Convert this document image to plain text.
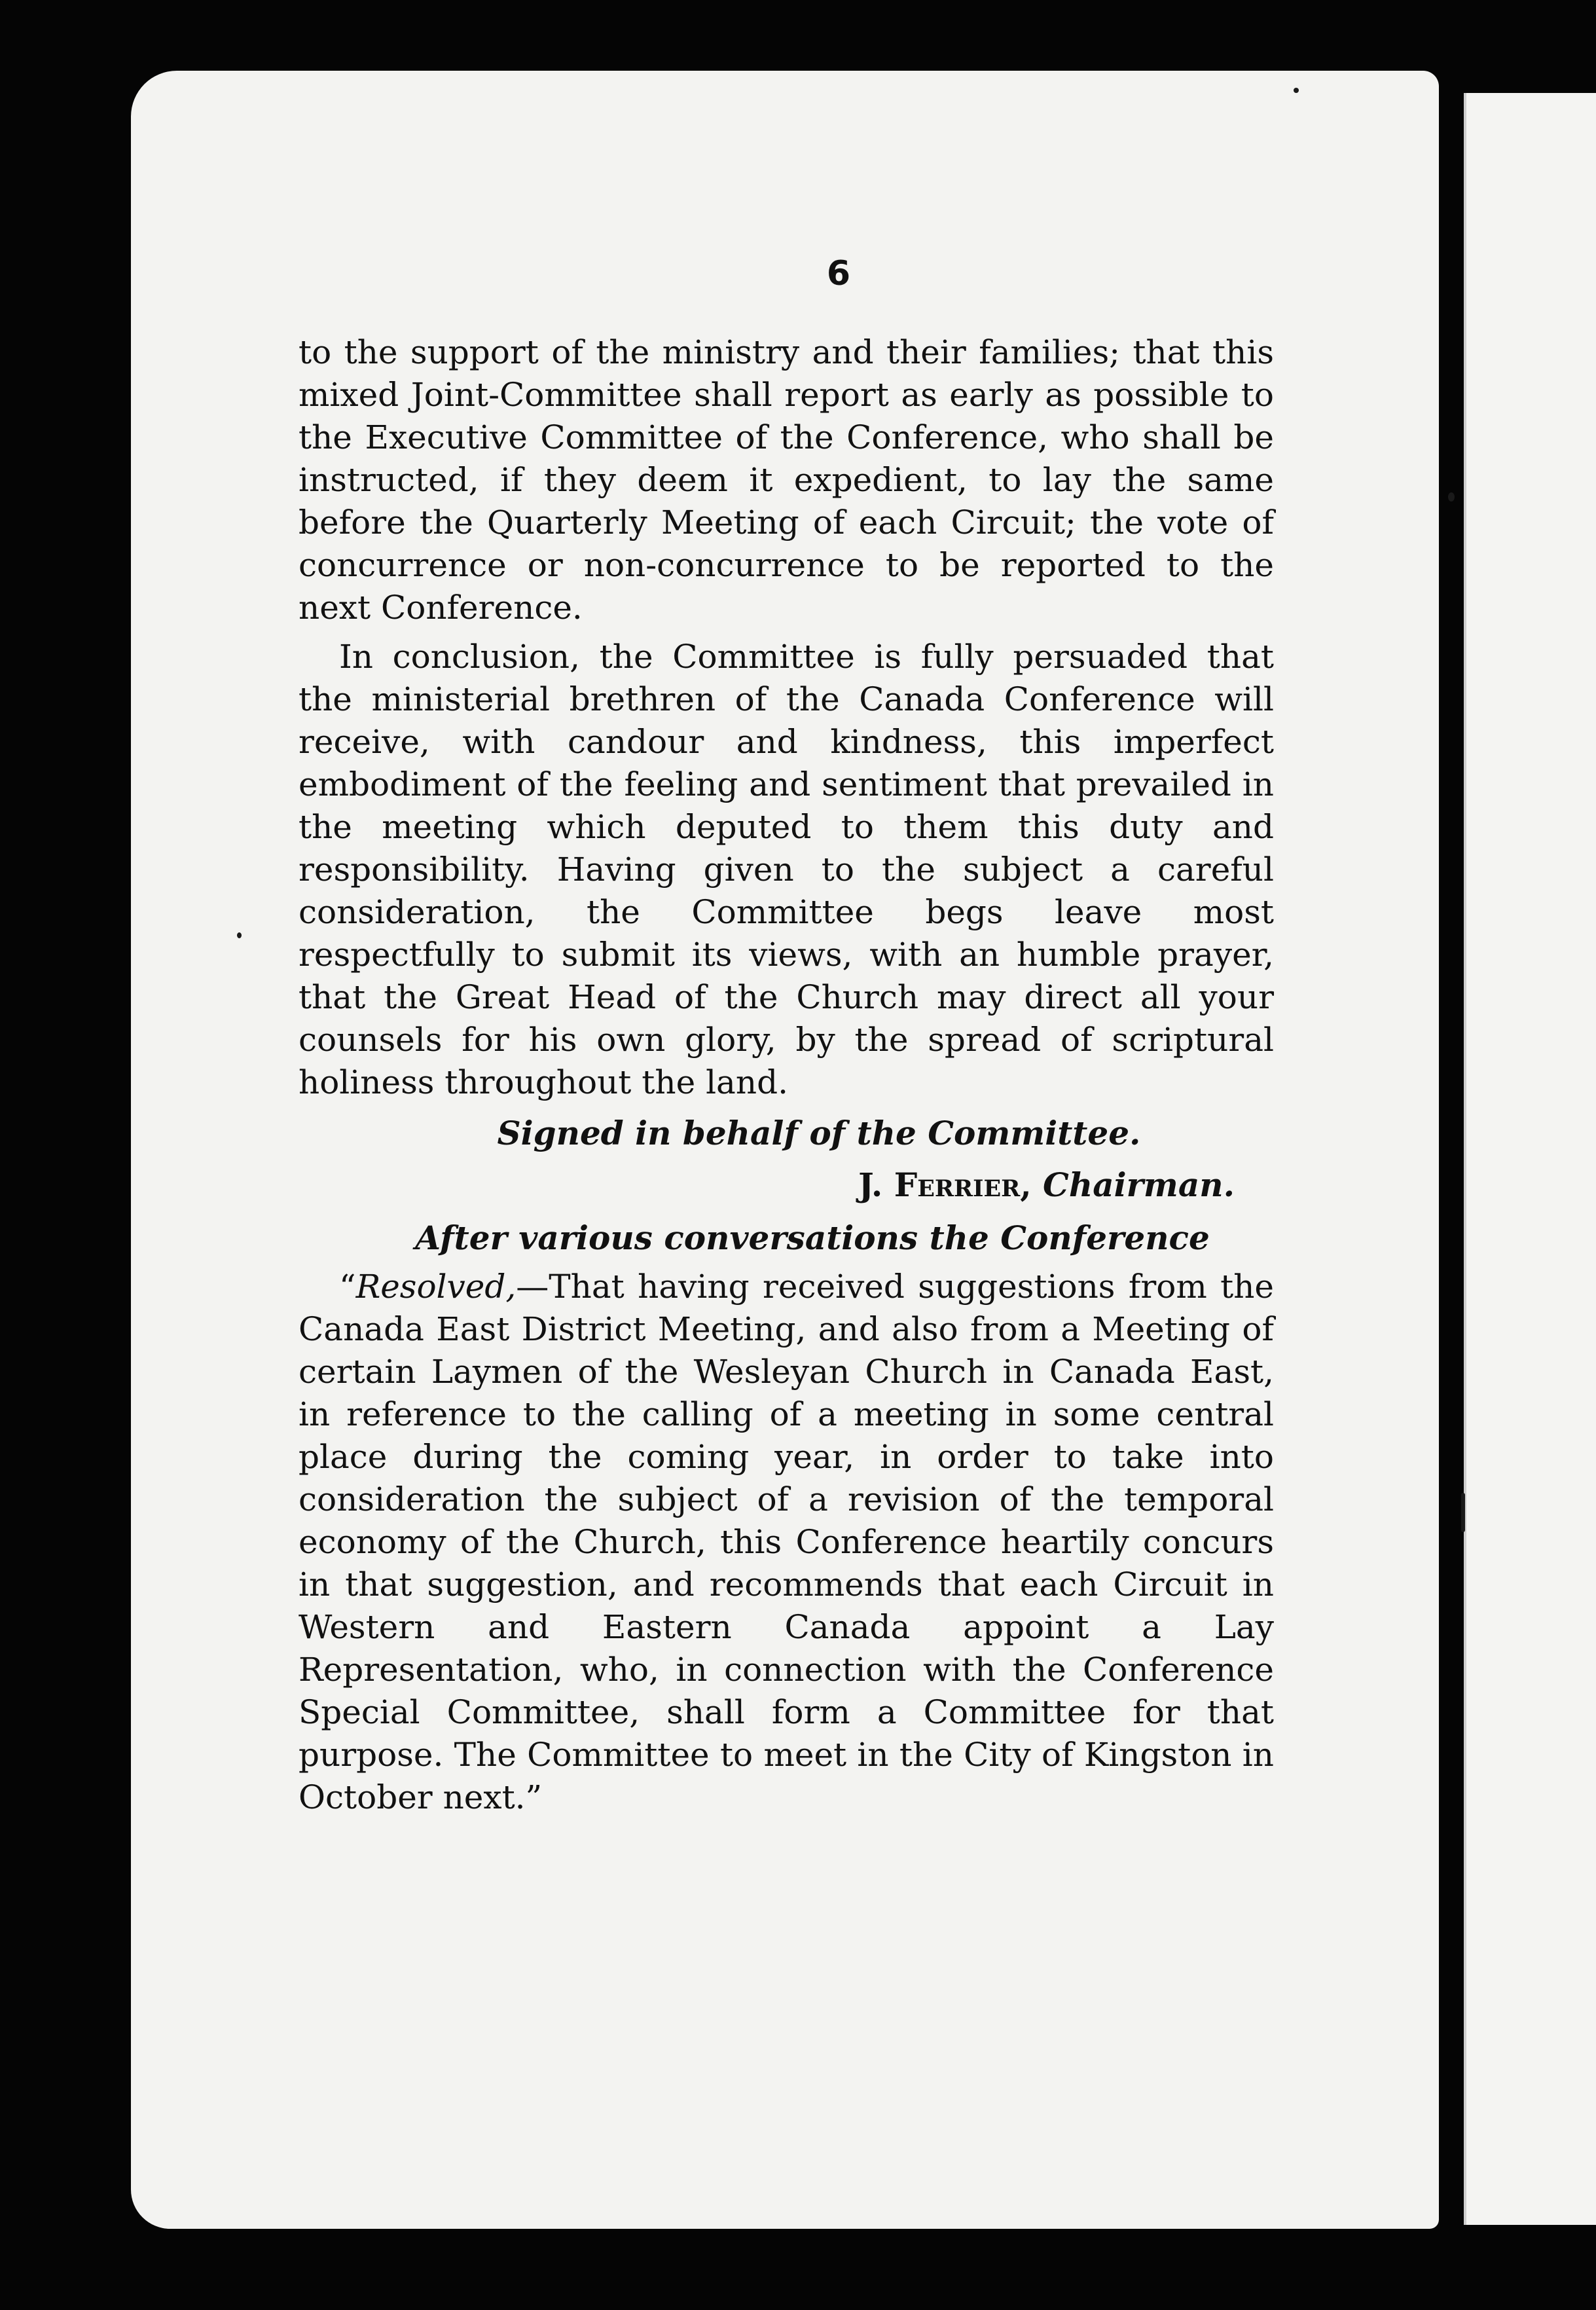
6

to the support of the ministry and their families; that this mixed Joint-Committee shall report as early as possible to the Executive Committee of the Conference, who shall be instructed, if they deem it expedient, to lay the same before the Quarterly Meeting of each Circuit; the vote of concurrence or non-concurrence to be reported to the next Conference.

In conclusion, the Committee is fully persuaded that the ministerial brethren of the Canada Conference will receive, with candour and kindness, this imperfect embodiment of the feeling and sentiment that prevailed in the meeting which deputed to them this duty and responsibility. Having given to the subject a careful consideration, the Committee begs leave most respectfully to submit its views, with an humble prayer, that the Great Head of the Church may direct all your counsels for his own glory, by the spread of scriptural holiness throughout the land.

Signed in behalf of the Committee.
J. Ferrier, Chairman.
After various conversations the Conference

“Resolved,—That having received suggestions from the Canada East District Meeting, and also from a Meeting of certain Laymen of the Wesleyan Church in Canada East, in reference to the calling of a meeting in some central place during the coming year, in order to take into consideration the subject of a revision of the temporal economy of the Church, this Conference heartily concurs in that suggestion, and recommends that each Circuit in Western and Eastern Canada appoint a Lay Representation, who, in connection with the Conference Special Committee, shall form a Committee for that purpose. The Committee to meet in the City of Kingston in October next.”
